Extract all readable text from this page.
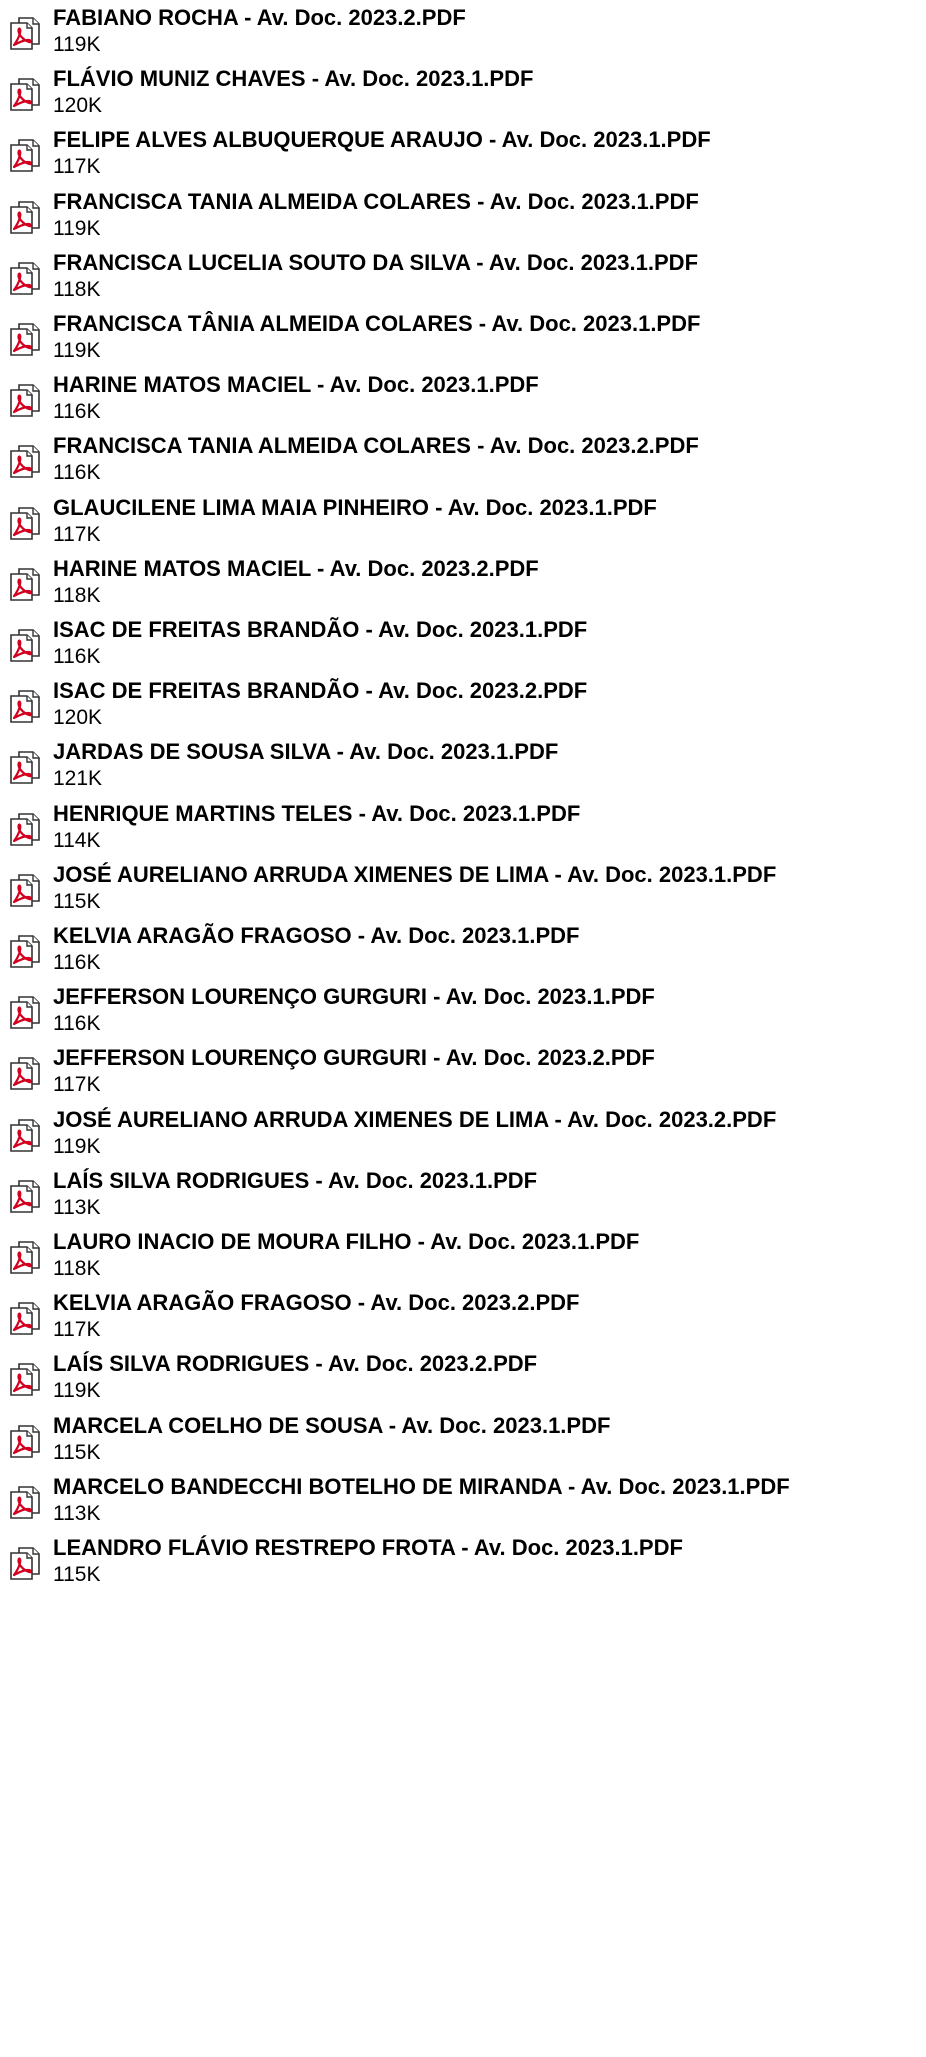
FABIANO ROCHA - Av. Doc. 2023.2.PDF
119K
FLÁVIO MUNIZ CHAVES - Av. Doc. 2023.1.PDF
120K
FELIPE ALVES ALBUQUERQUE ARAUJO - Av. Doc. 2023.1.PDF
117K
FRANCISCA TANIA ALMEIDA COLARES - Av. Doc. 2023.1.PDF
119K
FRANCISCA LUCELIA SOUTO DA SILVA - Av. Doc. 2023.1.PDF
118K
FRANCISCA TÂNIA ALMEIDA COLARES - Av. Doc. 2023.1.PDF
119K
HARINE MATOS MACIEL - Av. Doc. 2023.1.PDF
116K
FRANCISCA TANIA ALMEIDA COLARES - Av. Doc. 2023.2.PDF
116K
GLAUCILENE LIMA MAIA PINHEIRO - Av. Doc. 2023.1.PDF
117K
HARINE MATOS MACIEL - Av. Doc. 2023.2.PDF
118K
ISAC DE FREITAS BRANDÃO - Av. Doc. 2023.1.PDF
116K
ISAC DE FREITAS BRANDÃO - Av. Doc. 2023.2.PDF
120K
JARDAS DE SOUSA SILVA - Av. Doc. 2023.1.PDF
121K
HENRIQUE MARTINS TELES - Av. Doc. 2023.1.PDF
114K
JOSÉ AURELIANO ARRUDA XIMENES DE LIMA - Av. Doc. 2023.1.PDF
115K
KELVIA ARAGÃO FRAGOSO - Av. Doc. 2023.1.PDF
116K
JEFFERSON LOURENÇO GURGURI - Av. Doc. 2023.1.PDF
116K
JEFFERSON LOURENÇO GURGURI - Av. Doc. 2023.2.PDF
117K
JOSÉ AURELIANO ARRUDA XIMENES DE LIMA - Av. Doc. 2023.2.PDF
119K
LAÍS SILVA RODRIGUES - Av. Doc. 2023.1.PDF
113K
LAURO INACIO DE MOURA FILHO - Av. Doc. 2023.1.PDF
118K
KELVIA ARAGÃO FRAGOSO - Av. Doc. 2023.2.PDF
117K
LAÍS SILVA RODRIGUES - Av. Doc. 2023.2.PDF
119K
MARCELA COELHO DE SOUSA - Av. Doc. 2023.1.PDF
115K
MARCELO BANDECCHI BOTELHO DE MIRANDA - Av. Doc. 2023.1.PDF
113K
LEANDRO FLÁVIO RESTREPO FROTA - Av. Doc. 2023.1.PDF
115K
